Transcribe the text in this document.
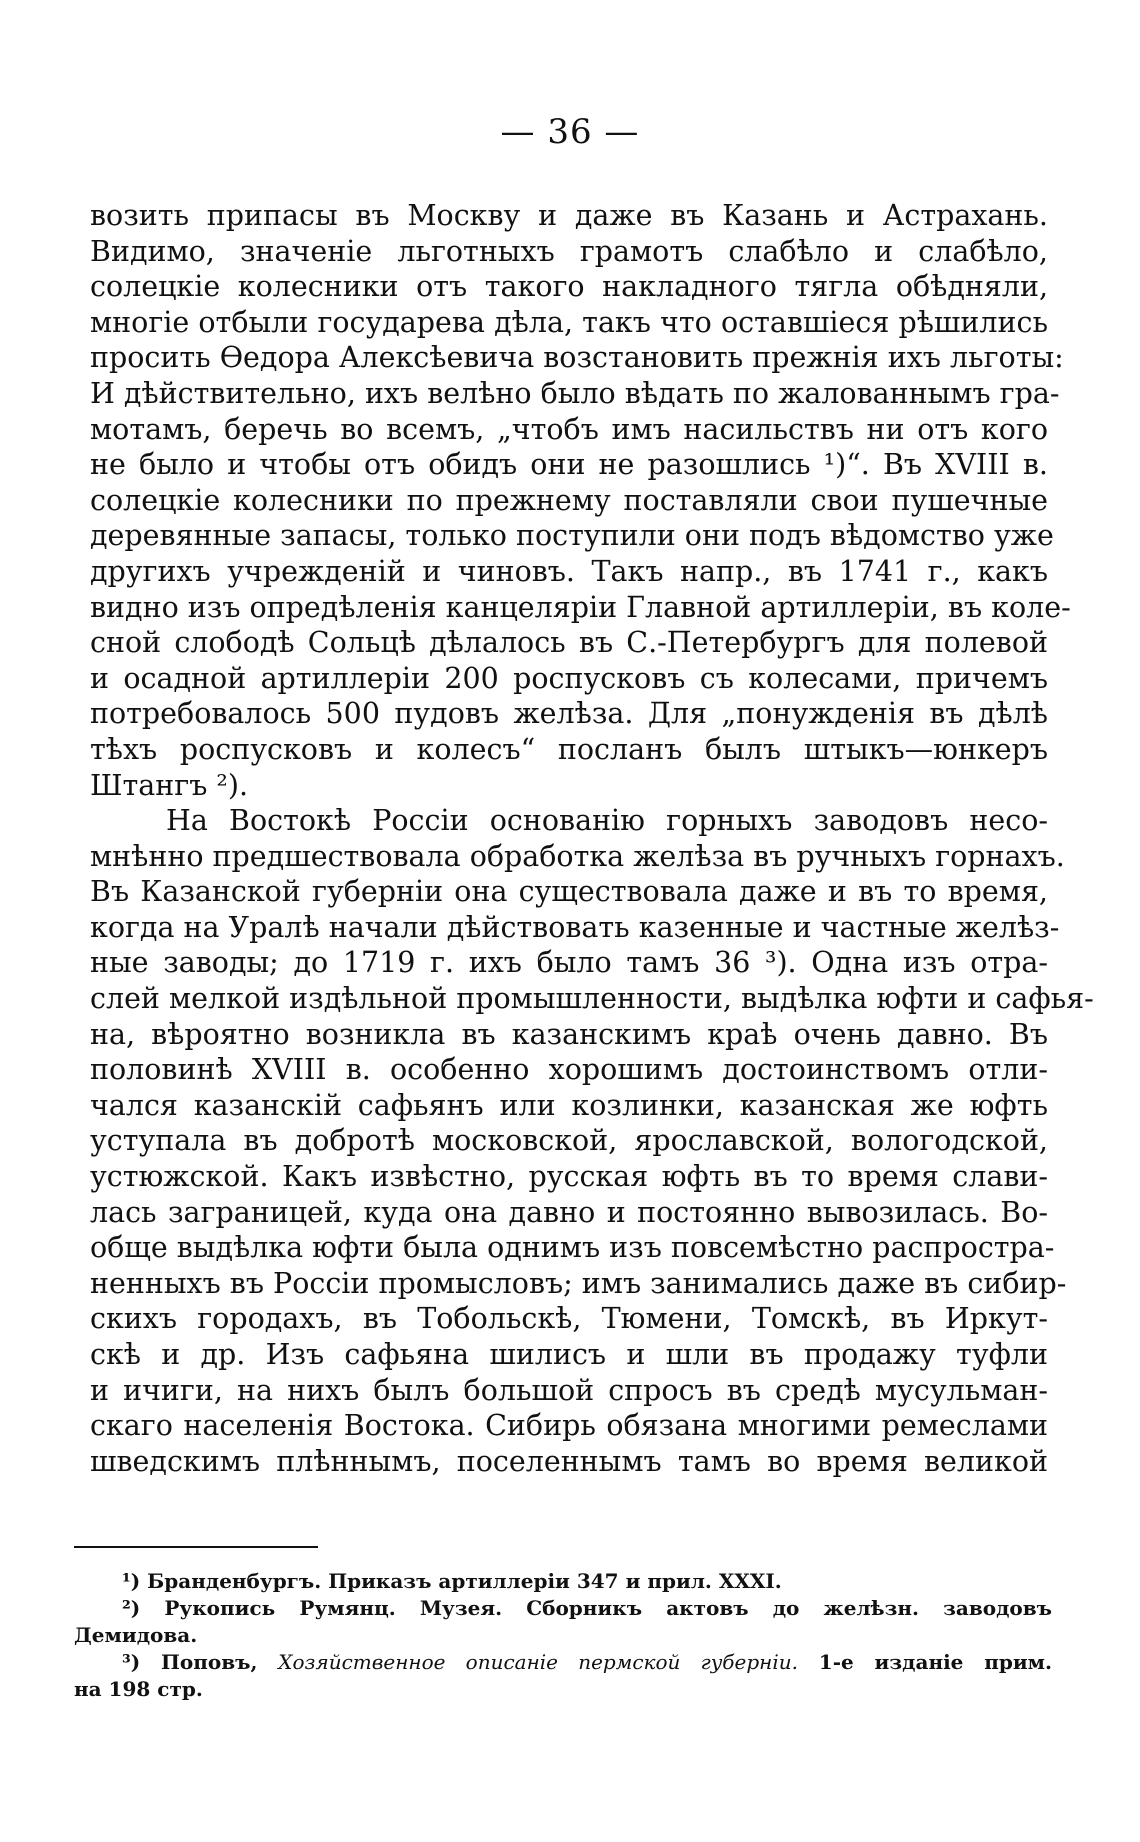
— 36 —
возить припасы въ Москву и даже въ Казань и Астрахань.
Видимо, значеніе льготныхъ грамотъ слабѣло и слабѣло,
солецкіе колесники отъ такого накладного тягла обѣдняли,
многіе отбыли государева дѣла, такъ что оставшіеся рѣшились
просить Өедора Алексѣевича возстановить прежнія ихъ льготы:
И дѣйствительно, ихъ велѣно было вѣдать по жалованнымъ гра-
мотамъ, беречь во всемъ, „чтобъ имъ насильствъ ни отъ кого
не было и чтобы отъ обидъ они не разошлись ¹)“. Въ XVIII в.
солецкіе колесники по прежнему поставляли свои пушечные
деревянные запасы, только поступили они подъ вѣдомство уже
другихъ учрежденій и чиновъ. Такъ напр., въ 1741 г., какъ
видно изъ опредѣленія канцеляріи Главной артиллеріи, въ коле-
сной слободѣ Сольцѣ дѣлалось въ С.-Петербургъ для полевой
и осадной артиллеріи 200 роспусковъ съ колесами, причемъ
потребовалось 500 пудовъ желѣза. Для „понужденія въ дѣлѣ
тѣхъ роспусковъ и колесъ“ посланъ былъ штыкъ—юнкеръ
Штангъ ²).
На Востокѣ Россіи основанію горныхъ заводовъ несо-
мнѣнно предшествовала обработка желѣза въ ручныхъ горнахъ.
Въ Казанской губерніи она существовала даже и въ то время,
когда на Уралѣ начали дѣйствовать казенные и частные желѣз-
ные заводы; до 1719 г. ихъ было тамъ 36 ³). Одна изъ отра-
слей мелкой издѣльной промышленности, выдѣлка юфти и сафья-
на, вѣроятно возникла въ казанскимъ краѣ очень давно. Въ
половинѣ XVIII в. особенно хорошимъ достоинствомъ отли-
чался казанскій сафьянъ или козлинки, казанская же юфть
уступала въ добротѣ московской, ярославской, вологодской,
устюжской. Какъ извѣстно, русская юфть въ то время слави-
лась заграницей, куда она давно и постоянно вывозилась. Во-
обще выдѣлка юфти была однимъ изъ повсемѣстно распростра-
ненныхъ въ Россіи промысловъ; имъ занимались даже въ сибир-
скихъ городахъ, въ Тобольскѣ, Тюмени, Томскѣ, въ Иркут-
скѣ и др. Изъ сафьяна шилисъ и шли въ продажу туфли
и ичиги, на нихъ былъ большой спросъ въ средѣ мусульман-
скаго населенія Востока. Сибирь обязана многими ремеслами
шведскимъ плѣннымъ, поселеннымъ тамъ во время великой
¹) Бранденбургъ. Приказъ артиллеріи 347 и прил. XXXI.
²) Рукопись Румянц. Музея. Сборникъ актовъ до желѣзн. заводовъ
Демидова.
³) Поповъ, Хозяйственное описаніе пермской губерніи. 1-е изданіе прим.
на 198 стр.
